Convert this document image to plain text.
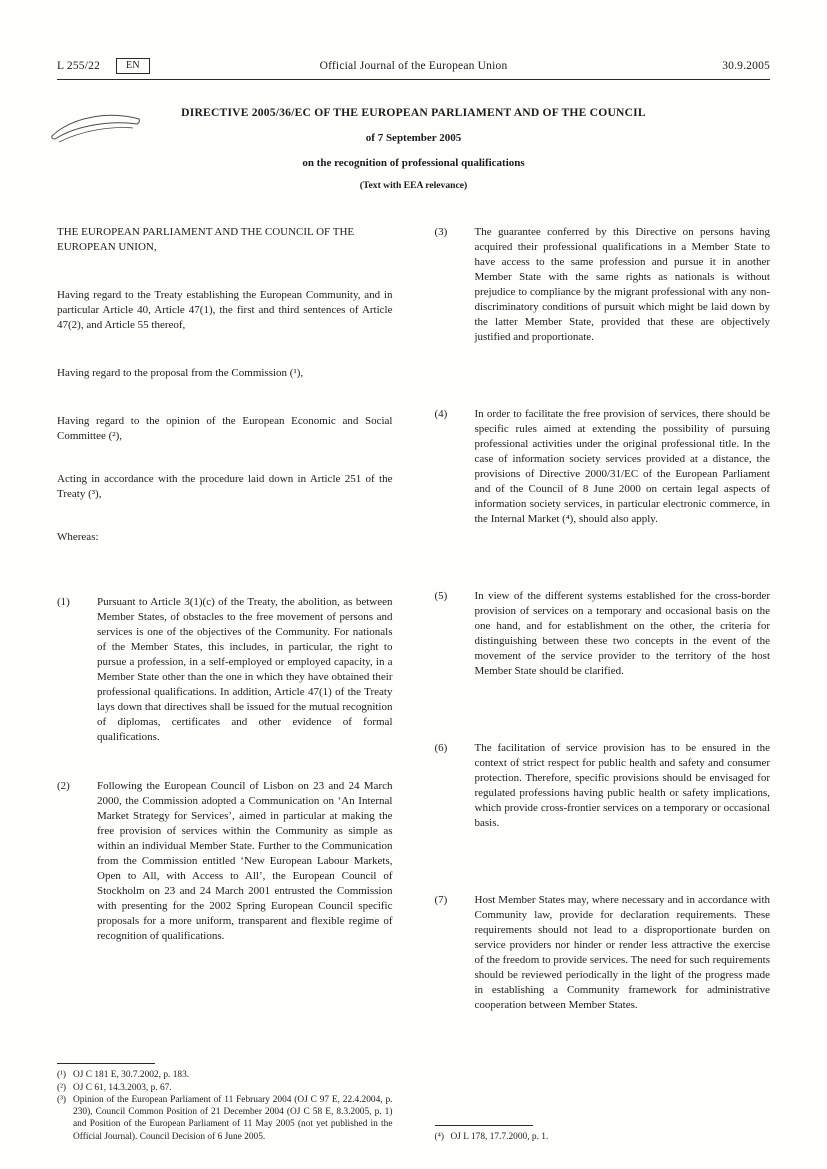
L 255/22	EN	Official Journal of the European Union	30.9.2005
DIRECTIVE 2005/36/EC OF THE EUROPEAN PARLIAMENT AND OF THE COUNCIL
of 7 September 2005
on the recognition of professional qualifications
(Text with EEA relevance)

THE EUROPEAN PARLIAMENT AND THE COUNCIL OF THE EUROPEAN UNION,

Having regard to the Treaty establishing the European Community, and in particular Article 40, Article 47(1), the first and third sentences of Article 47(2), and Article 55 thereof,

Having regard to the proposal from the Commission (¹),

Having regard to the opinion of the European Economic and Social Committee (²),

Acting in accordance with the procedure laid down in Article 251 of the Treaty (³),

Whereas:

(1)	Pursuant to Article 3(1)(c) of the Treaty, the abolition, as between Member States, of obstacles to the free movement of persons and services is one of the objectives of the Community. For nationals of the Member States, this includes, in particular, the right to pursue a profession, in a self-employed or employed capacity, in a Member State other than the one in which they have obtained their professional qualifications. In addition, Article 47(1) of the Treaty lays down that directives shall be issued for the mutual recognition of diplomas, certificates and other evidence of formal qualifications.
(2)	Following the European Council of Lisbon on 23 and 24 March 2000, the Commission adopted a Communication on ‘An Internal Market Strategy for Services’, aimed in particular at making the free provision of services within the Community as simple as within an individual Member State. Further to the Communication from the Commission entitled ‘New European Labour Markets, Open to All, with Access to All’, the European Council of Stockholm on 23 and 24 March 2001 entrusted the Commission with presenting for the 2002 Spring European Council specific proposals for a more uniform, transparent and flexible regime of recognition of qualifications.
(¹) OJ C 181 E, 30.7.2002, p. 183.
(²) OJ C 61, 14.3.2003, p. 67.
(³) Opinion of the European Parliament of 11 February 2004 (OJ C 97 E, 22.4.2004, p. 230), Council Common Position of 21 December 2004 (OJ C 58 E, 8.3.2005, p. 1) and Position of the European Parliament of 11 May 2005 (not yet published in the Official Journal). Council Decision of 6 June 2005.
(3)	The guarantee conferred by this Directive on persons having acquired their professional qualifications in a Member State to have access to the same profession and pursue it in another Member State with the same rights as nationals is without prejudice to compliance by the migrant professional with any non-discriminatory conditions of pursuit which might be laid down by the latter Member State, provided that these are objectively justified and proportionate.
(4)	In order to facilitate the free provision of services, there should be specific rules aimed at extending the possibility of pursuing professional activities under the original professional title. In the case of information society services provided at a distance, the provisions of Directive 2000/31/EC of the European Parliament and of the Council of 8 June 2000 on certain legal aspects of information society services, in particular electronic commerce, in the Internal Market (⁴), should also apply.
(5)	In view of the different systems established for the cross-border provision of services on a temporary and occasional basis on the one hand, and for establishment on the other, the criteria for distinguishing between these two concepts in the event of the movement of the service provider to the territory of the host Member State should be clarified.
(6)	The facilitation of service provision has to be ensured in the context of strict respect for public health and safety and consumer protection. Therefore, specific provisions should be envisaged for regulated professions having public health or safety implications, which provide cross-frontier services on a temporary or occasional basis.
(7)	Host Member States may, where necessary and in accordance with Community law, provide for declaration requirements. These requirements should not lead to a disproportionate burden on service providers nor hinder or render less attractive the exercise of the freedom to provide services. The need for such requirements should be reviewed periodically in the light of the progress made in establishing a Community framework for administrative cooperation between Member States.
(⁴) OJ L 178, 17.7.2000, p. 1.
